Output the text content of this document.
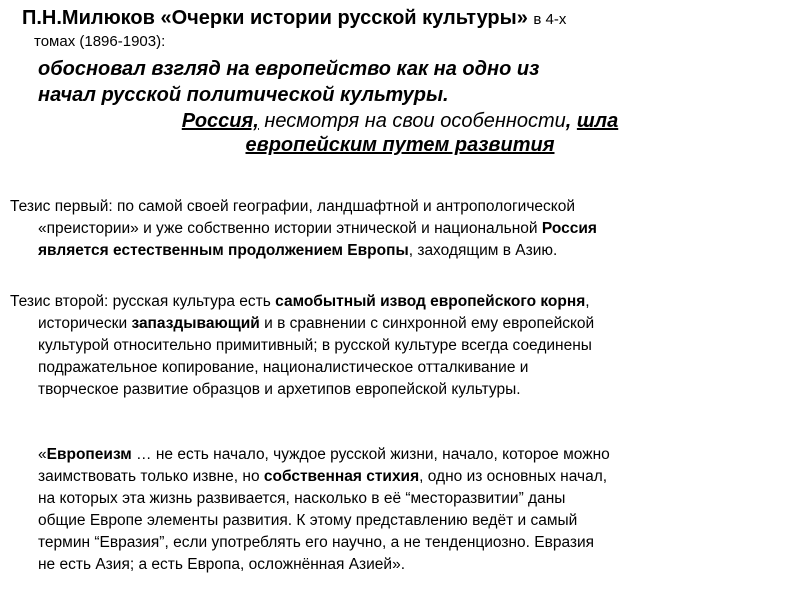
П.Н.Милюков «Очерки истории русской культуры» в 4-х
томах (1896-1903):
обосновал взгляд на европейство как на одно из
начал русской политической культуры.
Россия, несмотря на свои особенности, шла
европейским путем развития
Тезис первый: по самой своей географии, ландшафтной и антропологической
«преистории» и уже собственно истории этнической и национальной Россия
является естественным продолжением Европы, заходящим в Азию.
Тезис второй: русская культура есть самобытный извод европейского корня,
исторически запаздывающий и в сравнении с синхронной ему европейской
культурой относительно примитивный; в русской культуре всегда соединены
подражательное копирование, националистическое отталкивание и
творческое развитие образцов и архетипов европейской культуры.
«Европеизм … не есть начало, чуждое русской жизни, начало, которое можно
заимствовать только извне, но собственная стихия, одно из основных начал,
на которых эта жизнь развивается, насколько в её “месторазвитии” даны
общие Европе элементы развития. К этому представлению ведёт и самый
термин “Евразия”, если употреблять его научно, а не тенденциозно. Евразия
не есть Азия; а есть Европа, осложнённая Азией».
